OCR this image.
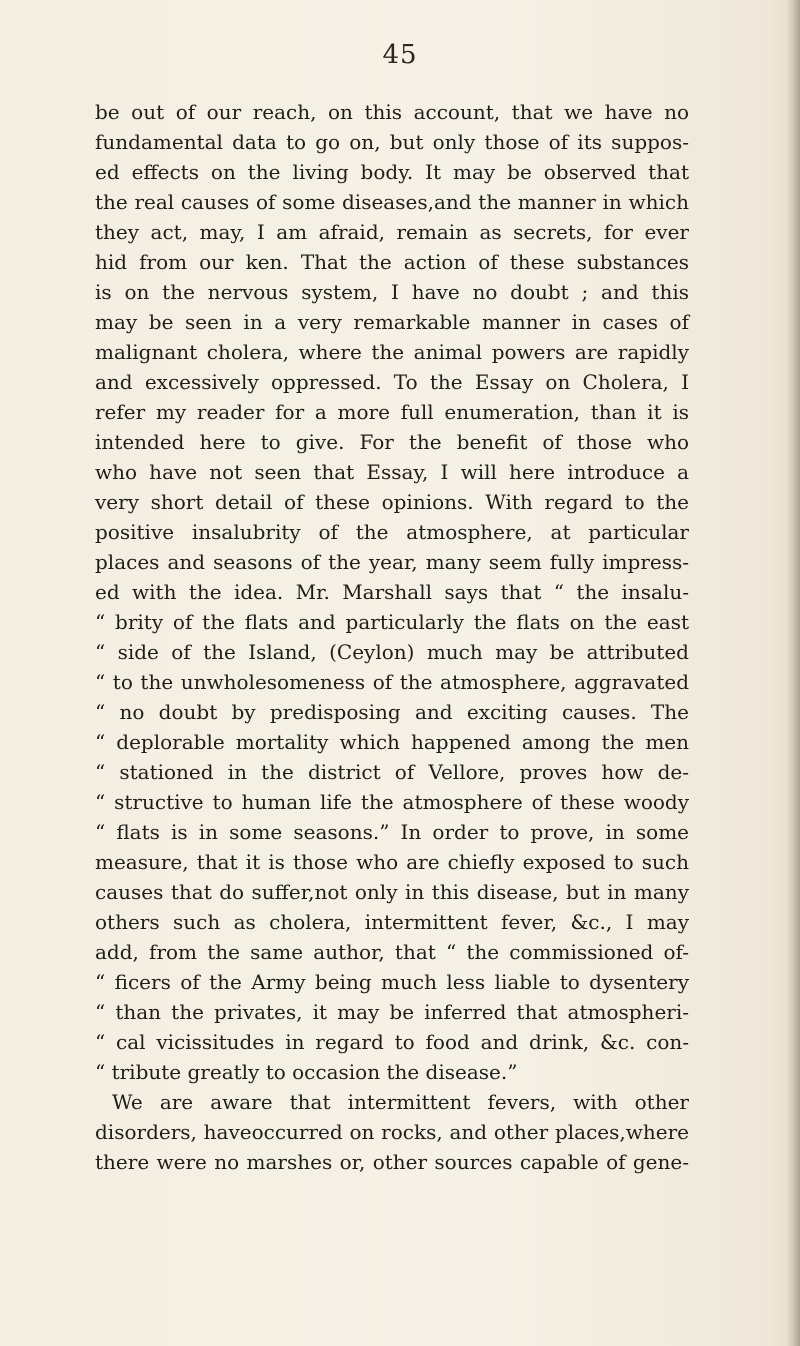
45
be out of our reach, on this account, that we have no
fundamental data to go on, but only those of its suppos-
ed effects on the living body. It may be observed that
the real causes of some diseases,and the manner in which
they act, may, I am afraid, remain as secrets, for ever
hid from our ken. That the action of these substances
is on the nervous system, I have no doubt ; and this
may be seen in a very remarkable manner in cases of
malignant cholera, where the animal powers are rapidly
and excessively oppressed. To the Essay on Cholera, I
refer my reader for a more full enumeration, than it is
intended here to give. For the benefit of those who
who have not seen that Essay, I will here introduce a
very short detail of these opinions. With regard to the
positive insalubrity of the atmosphere, at particular
places and seasons of the year, many seem fully impress-
ed with the idea. Mr. Marshall says that “ the insalu-
“ brity of the flats and particularly the flats on the east
“ side of the Island, (Ceylon) much may be attributed
“ to the unwholesomeness of the atmosphere, aggravated
“ no doubt by predisposing and exciting causes. The
“ deplorable mortality which happened among the men
“ stationed in the district of Vellore, proves how de-
“ structive to human life the atmosphere of these woody
“ flats is in some seasons.” In order to prove, in some
measure, that it is those who are chiefly exposed to such
causes that do suffer,not only in this disease, but in many
others such as cholera, intermittent fever, &c., I may
add, from the same author, that “ the commissioned of-
“ ficers of the Army being much less liable to dysentery
“ than the privates, it may be inferred that atmospheri-
“ cal vicissitudes in regard to food and drink, &c. con-
“ tribute greatly to occasion the disease.”
We are aware that intermittent fevers, with other
disorders, haveoccurred on rocks, and other places,where
there were no marshes or, other sources capable of gene-
